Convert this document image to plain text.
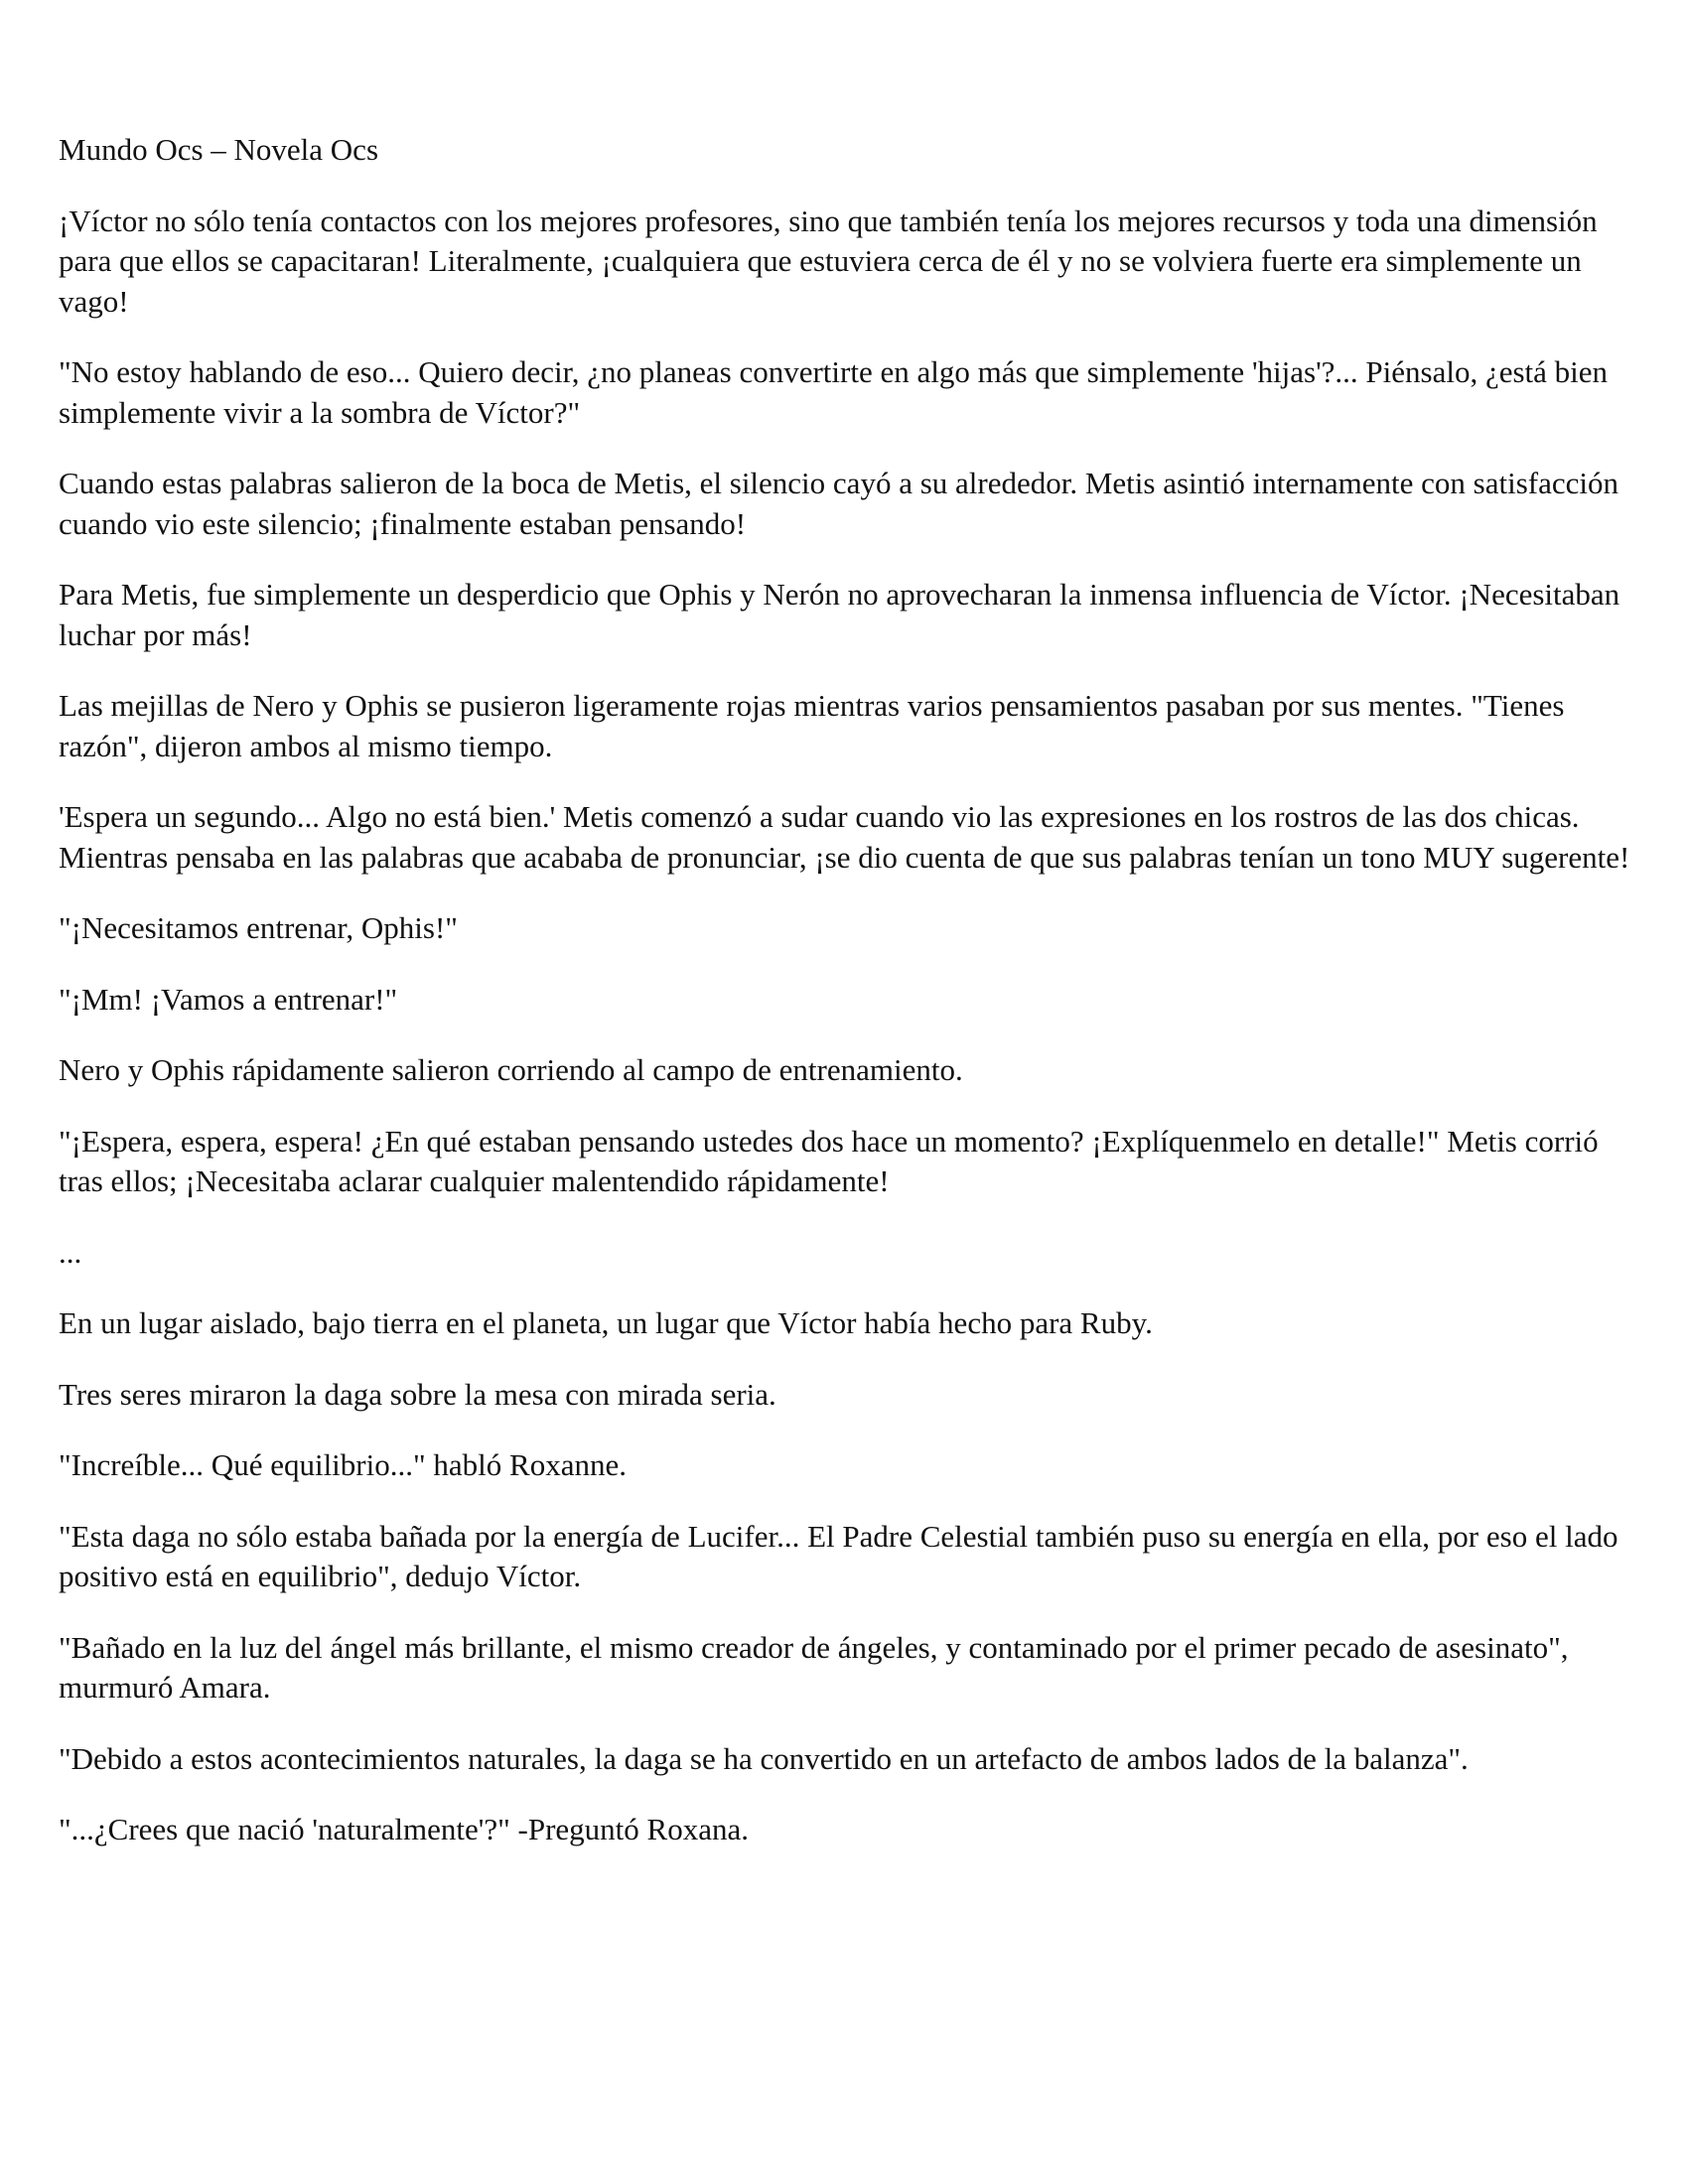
Mundo Ocs – Novela Ocs

¡Víctor no sólo tenía contactos con los mejores profesores, sino que también tenía los mejores recursos y toda una dimensión para que ellos se capacitaran! Literalmente, ¡cualquiera que estuviera cerca de él y no se volviera fuerte era simplemente un vago!

"No estoy hablando de eso... Quiero decir, ¿no planeas convertirte en algo más que simplemente 'hijas'?... Piénsalo, ¿está bien simplemente vivir a la sombra de Víctor?"

Cuando estas palabras salieron de la boca de Metis, el silencio cayó a su alrededor. Metis asintió internamente con satisfacción cuando vio este silencio; ¡finalmente estaban pensando!

Para Metis, fue simplemente un desperdicio que Ophis y Nerón no aprovecharan la inmensa influencia de Víctor. ¡Necesitaban luchar por más!

Las mejillas de Nero y Ophis se pusieron ligeramente rojas mientras varios pensamientos pasaban por sus mentes. "Tienes razón", dijeron ambos al mismo tiempo.

'Espera un segundo... Algo no está bien.' Metis comenzó a sudar cuando vio las expresiones en los rostros de las dos chicas. Mientras pensaba en las palabras que acababa de pronunciar, ¡se dio cuenta de que sus palabras tenían un tono MUY sugerente!

"¡Necesitamos entrenar, Ophis!"

"¡Mm! ¡Vamos a entrenar!"

Nero y Ophis rápidamente salieron corriendo al campo de entrenamiento.

"¡Espera, espera, espera! ¿En qué estaban pensando ustedes dos hace un momento? ¡Explíquenmelo en detalle!" Metis corrió tras ellos; ¡Necesitaba aclarar cualquier malentendido rápidamente!

...

En un lugar aislado, bajo tierra en el planeta, un lugar que Víctor había hecho para Ruby.

Tres seres miraron la daga sobre la mesa con mirada seria.

"Increíble... Qué equilibrio..." habló Roxanne.

"Esta daga no sólo estaba bañada por la energía de Lucifer... El Padre Celestial también puso su energía en ella, por eso el lado positivo está en equilibrio", dedujo Víctor.

"Bañado en la luz del ángel más brillante, el mismo creador de ángeles, y contaminado por el primer pecado de asesinato", murmuró Amara.

"Debido a estos acontecimientos naturales, la daga se ha convertido en un artefacto de ambos lados de la balanza".

"...¿Crees que nació 'naturalmente'?" -Preguntó Roxana.
